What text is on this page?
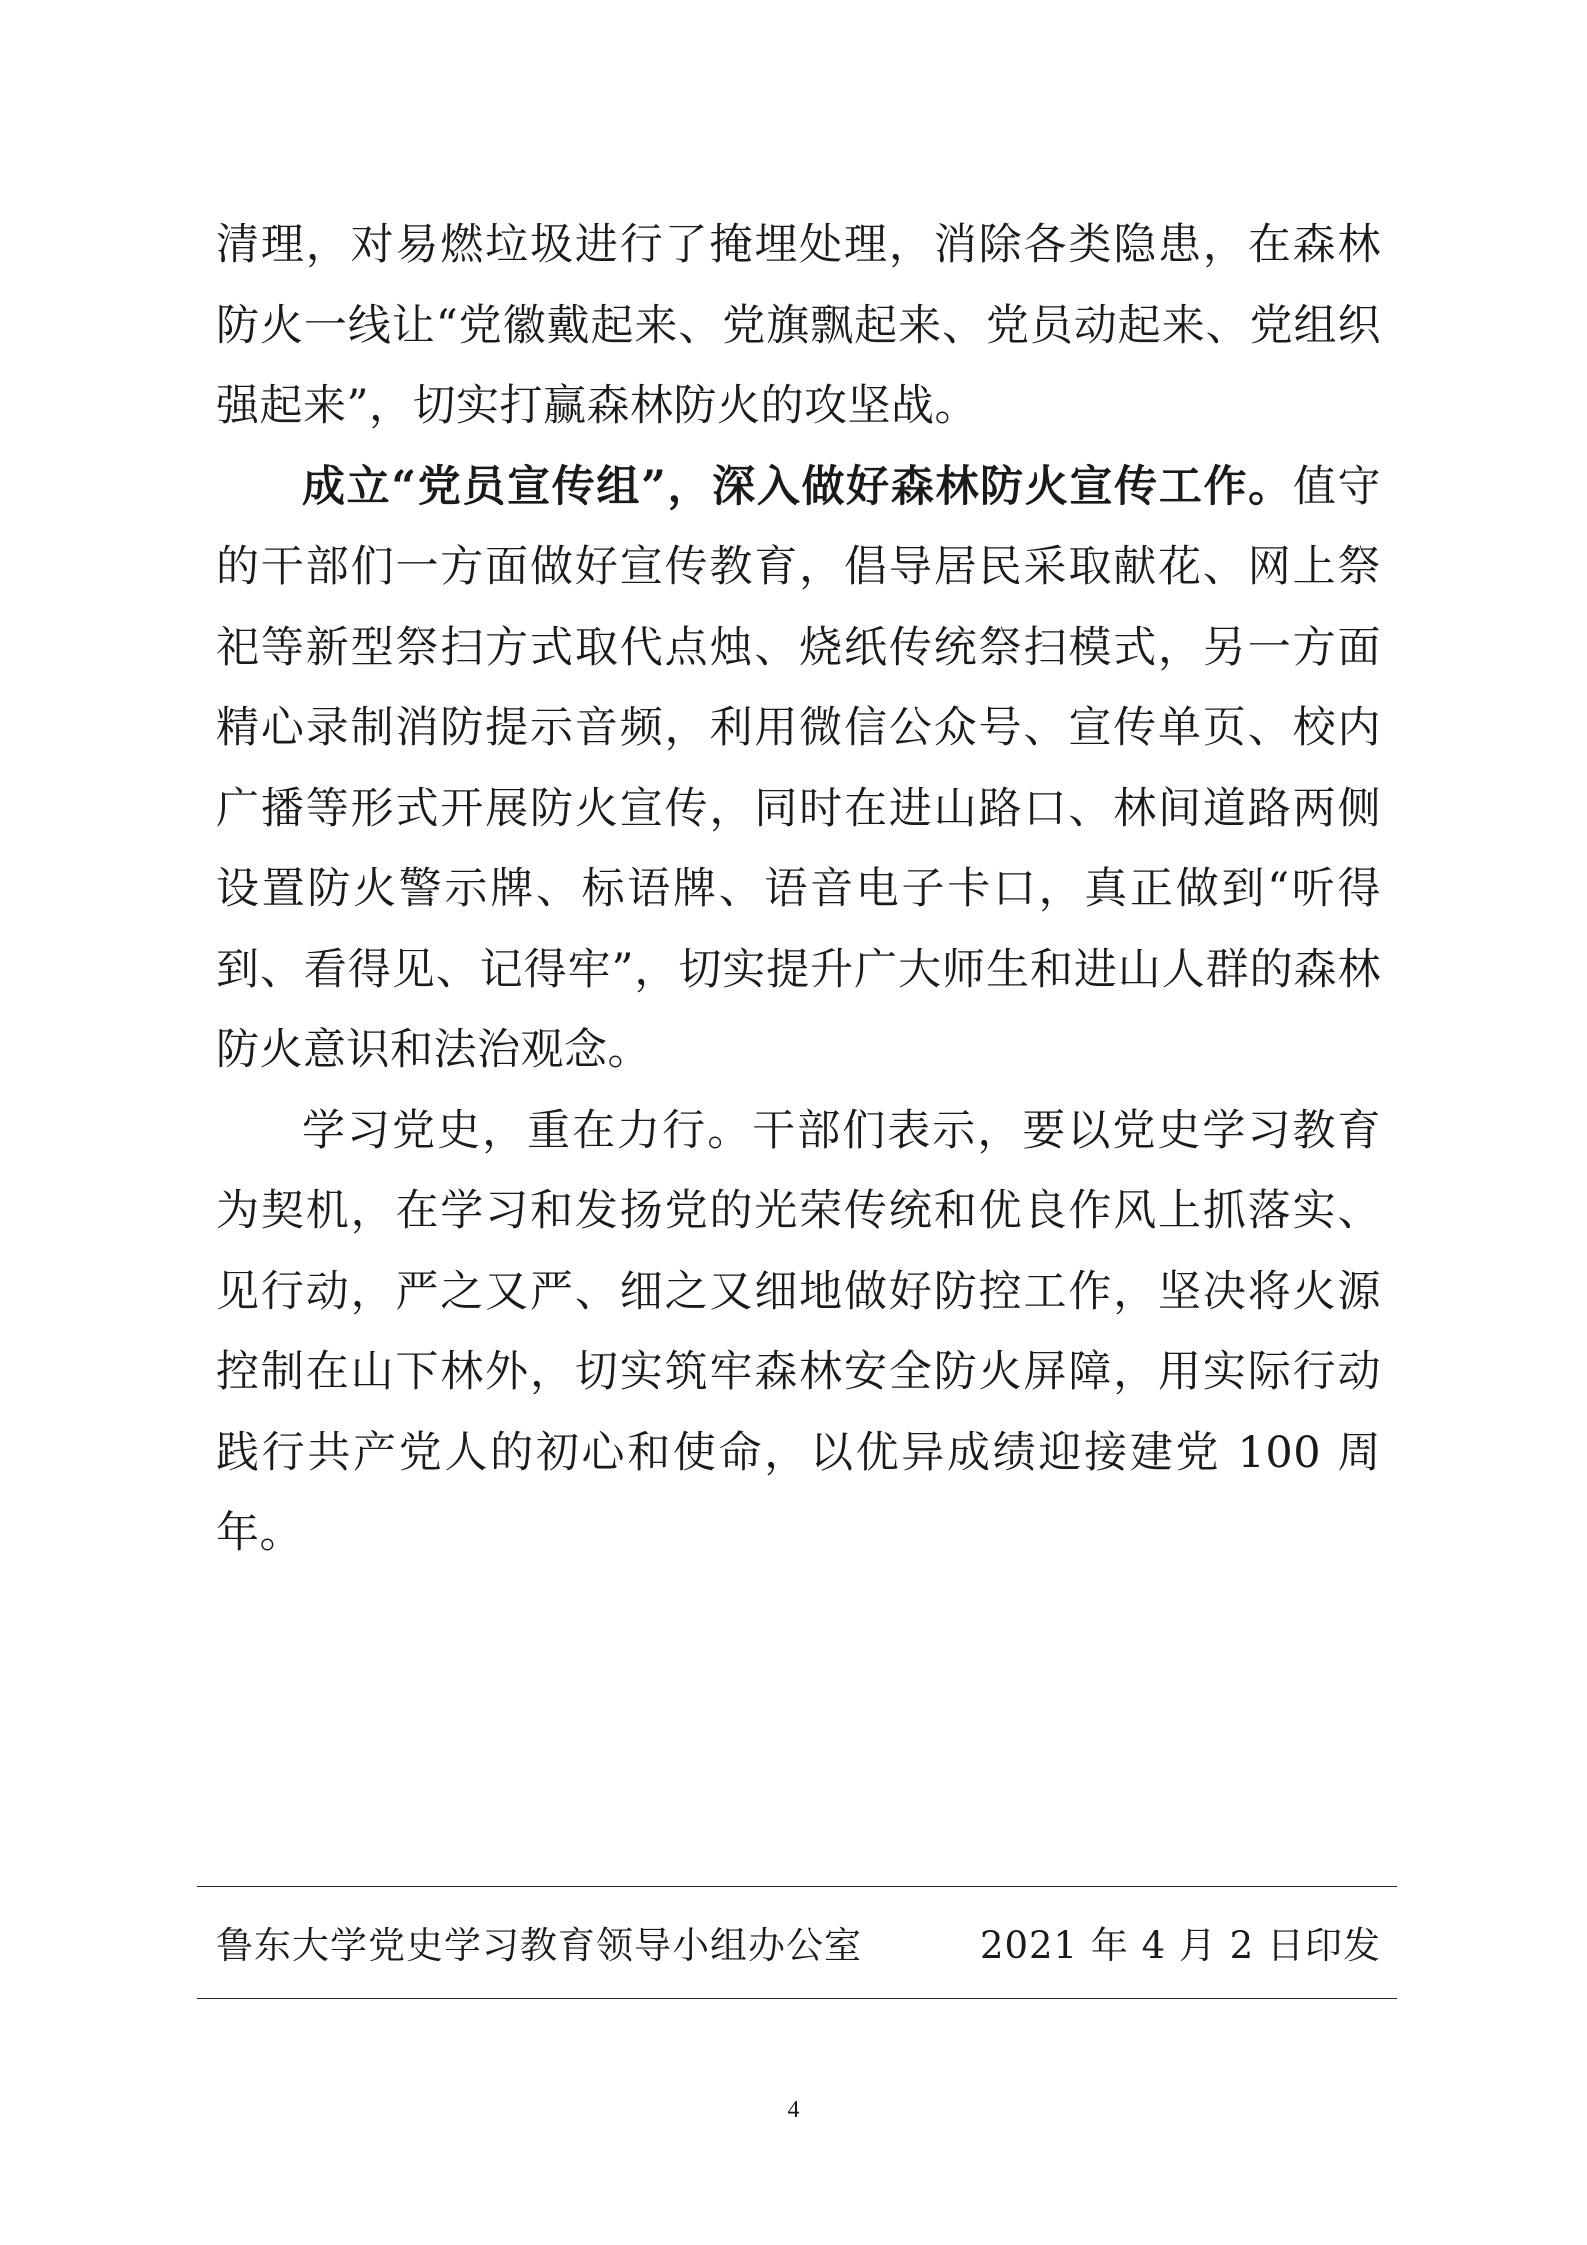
清理，对易燃垃圾进行了掩埋处理，消除各类隐患，在森林防火一线让“党徽戴起来、党旗飘起来、党员动起来、党组织强起来”，切实打赢森林防火的攻坚战。

成立“党员宣传组”，深入做好森林防火宣传工作。值守的干部们一方面做好宣传教育，倡导居民采取献花、网上祭祀等新型祭扫方式取代点烛、烧纸传统祭扫模式，另一方面精心录制消防提示音频，利用微信公众号、宣传单页、校内广播等形式开展防火宣传，同时在进山路口、林间道路两侧设置防火警示牌、标语牌、语音电子卡口，真正做到“听得到、看得见、记得牢”，切实提升广大师生和进山人群的森林防火意识和法治观念。

学习党史，重在力行。干部们表示，要以党史学习教育为契机，在学习和发扬党的光荣传统和优良作风上抓落实、见行动，严之又严、细之又细地做好防控工作，坚决将火源控制在山下林外，切实筑牢森林安全防火屏障，用实际行动践行共产党人的初心和使命，以优异成绩迎接建党 100 周年。

鲁东大学党史学习教育领导小组办公室	2021 年 4 月 2 日印发
4
